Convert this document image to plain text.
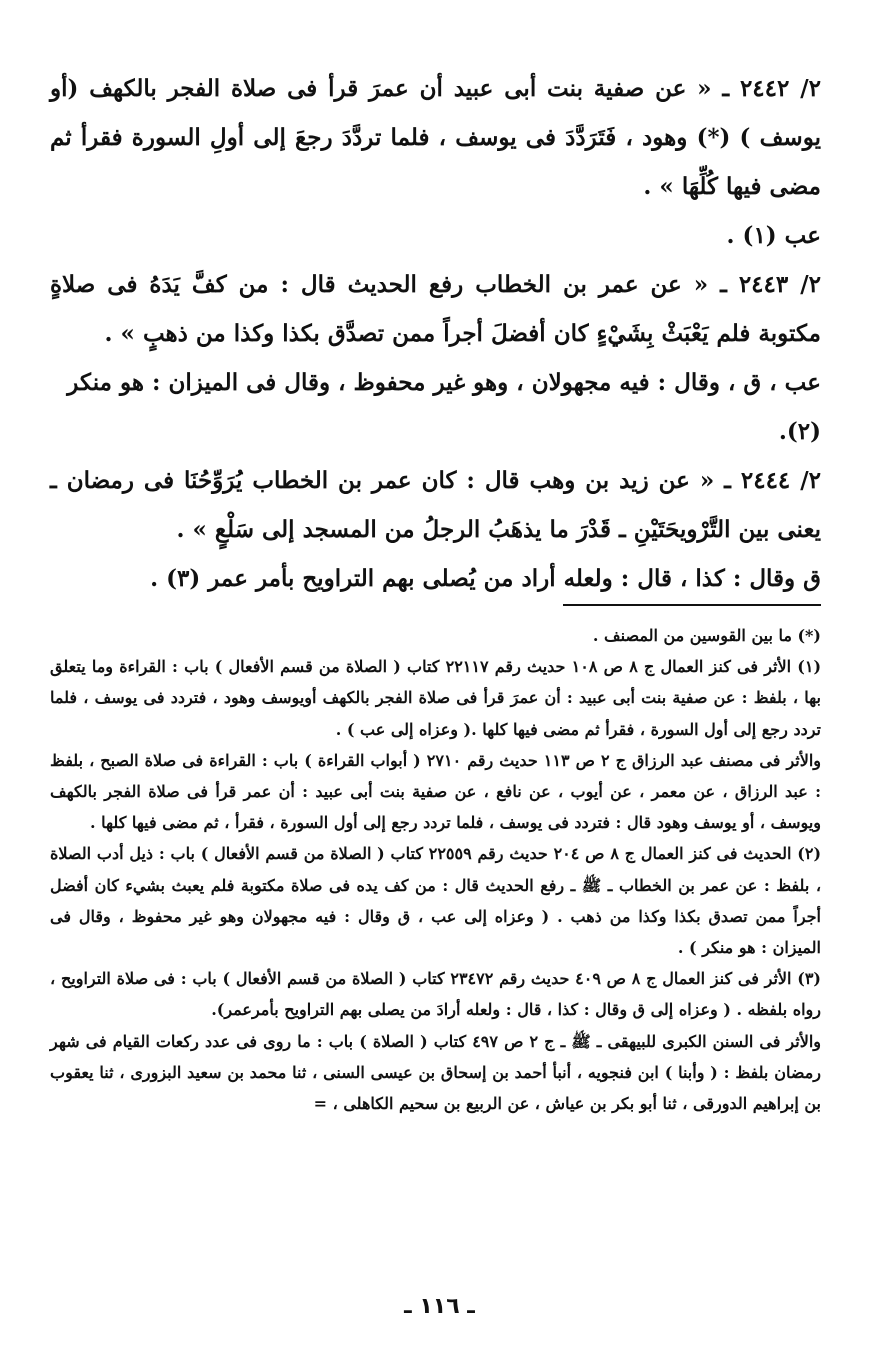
٢/ ٢٤٤٢ ـ « عن صفية بنت أبى عبيد أن عمرَ قرأ فى صلاة الفجر بالكهف (أو يوسف ) (*) وهود ، فَتَرَدَّدَ فى يوسف ، فلما تردَّدَ رجعَ إلى أولِ السورة فقرأ ثم مضى فيها كُلِّهَا » .

عب (١) .

٢/ ٢٤٤٣ ـ « عن عمر بن الخطاب رفع الحديث قال : من كفَّ يَدَهُ فى صلاةٍ مكتوبة فلم يَعْبَثْ بِشَيْءٍ كان أفضلَ أجراً ممن تصدَّق بكذا وكذا من ذهبٍ » .

عب ، ق ، وقال : فيه مجهولان ، وهو غير محفوظ ، وقال فى الميزان : هو منكر (٢).

٢/ ٢٤٤٤ ـ « عن زيد بن وهب قال : كان عمر بن الخطاب يُرَوِّحُنَا فى رمضان ـ يعنى بين التَّرْويحَتَيْنِ ـ قَدْرَ ما يذهَبُ الرجلُ من المسجد إلى سَلْعٍ » .

ق وقال : كذا ، قال : ولعله أراد من يُصلى بهم التراويح بأمر عمر (٣) .

(*) ما بين القوسين من المصنف .

(١) الأثر فى كنز العمال ج ٨ ص ١٠٨ حديث رقم ٢٢١١٧ كتاب ( الصلاة من قسم الأفعال ) باب : القراءة وما يتعلق بها ، بلفظ : عن صفية بنت أبى عبيد : أن عمرَ قرأ فى صلاة الفجر بالكهف أويوسف وهود ، فتردد فى يوسف ، فلما تردد رجع إلى أول السورة ، فقرأ ثم مضى فيها كلها .( وعزاه إلى عب ) .

والأثر فى مصنف عبد الرزاق ج ٢ ص ١١٣ حديث رقم ٢٧١٠ ( أبواب القراءة ) باب : القراءة فى صلاة الصبح ، بلفظ : عبد الرزاق ، عن معمر ، عن أيوب ، عن نافع ، عن صفية بنت أبى عبيد : أن عمر قرأ فى صلاة الفجر بالكهف ويوسف ، أو يوسف وهود قال : فتردد فى يوسف ، فلما تردد رجع إلى أول السورة ، فقرأ ، ثم مضى فيها كلها .

(٢) الحديث فى كنز العمال ج ٨ ص ٢٠٤ حديث رقم ٢٢٥٥٩ كتاب ( الصلاة من قسم الأفعال ) باب : ذيل أدب الصلاة ، بلفظ : عن عمر بن الخطاب ـ ﷺ ـ رفع الحديث قال : من كف يده فى صلاة مكتوبة فلم يعبث بشيء كان أفضل أجراً ممن تصدق بكذا وكذا من ذهب . ( وعزاه إلى عب ، ق وقال : فيه مجهولان وهو غير محفوظ ، وقال فى الميزان : هو منكر ) .

(٣) الأثر فى كنز العمال ج ٨ ص ٤٠٩ حديث رقم ٢٣٤٧٢ كتاب ( الصلاة من قسم الأفعال ) باب : فى صلاة التراويح ، رواه بلفظه . ( وعزاه إلى ق وقال : كذا ، قال : ولعله أرادَ من يصلى بهم التراويح بأمرعمر).

والأثر فى السنن الكبرى للبيهقى ـ ﷺ ـ ج ٢ ص ٤٩٧ كتاب ( الصلاة ) باب : ما روى فى عدد ركعات القيام فى شهر رمضان بلفظ : ( وأبنا ) ابن فنجويه ، أنبأ أحمد بن إسحاق بن عيسى السنى ، ثنا محمد بن سعيد البزورى ، ثنا يعقوب بن إبراهيم الدورقى ، ثنا أبو بكر بن عياش ، عن الربيع بن سحيم الكاهلى ، =

ـ ١١٦ ـ
